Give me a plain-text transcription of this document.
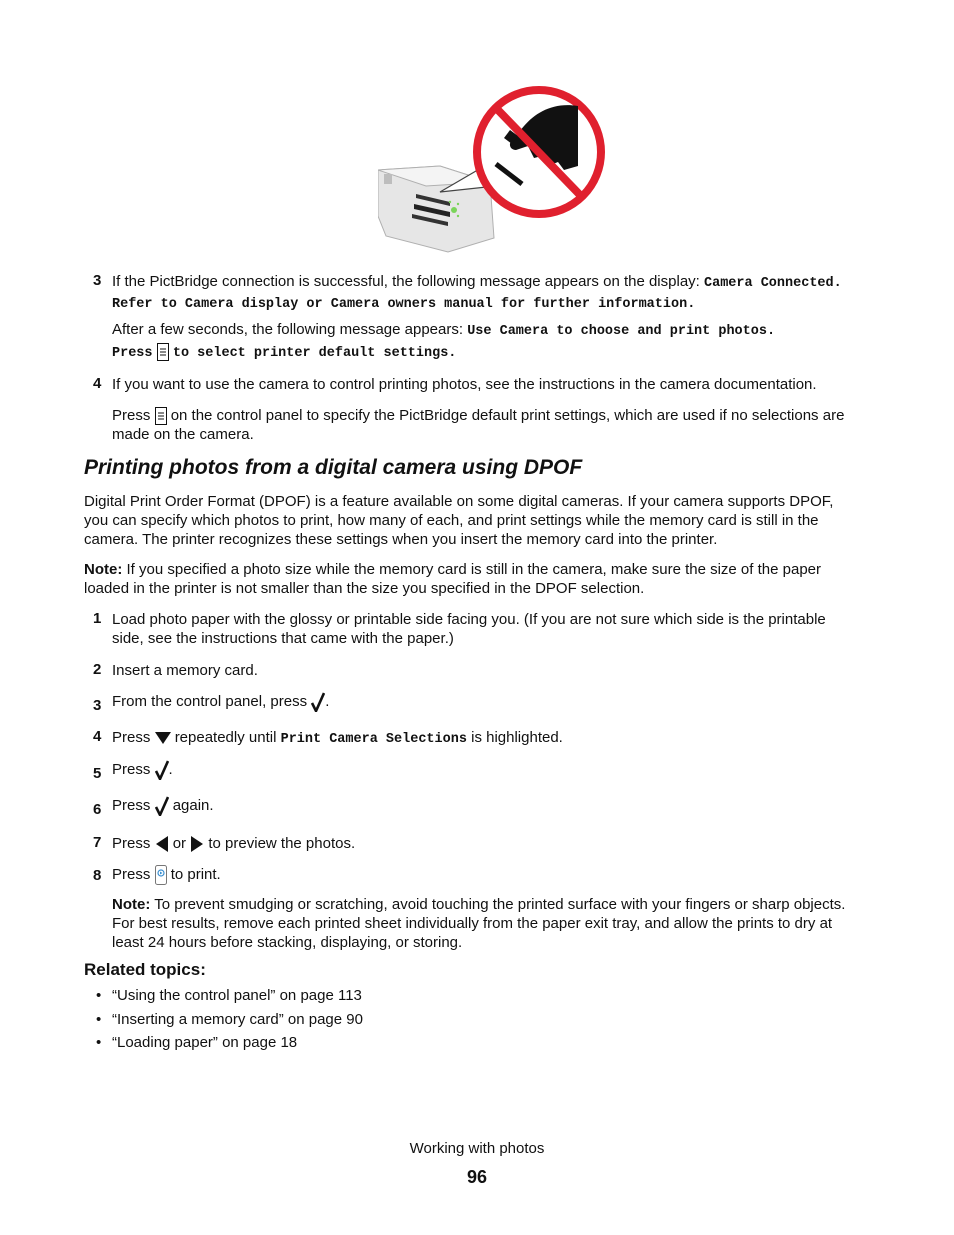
3 If the PictBridge connection is successful, the following message appears on the display: Camera Connected.
Refer to Camera display or Camera owners manual for further information.
After a few seconds, the following message appears: Use Camera to choose and print photos.
Press to select printer default settings.
4 If you want to use the camera to control printing photos, see the instructions in the camera documentation.
Press on the control panel to specify the PictBridge default print settings, which are used if no selections are
made on the camera.
Printing photos from a digital camera using DPOF
Digital Print Order Format (DPOF) is a feature available on some digital cameras. If your camera supports DPOF,
you can specify which photos to print, how many of each, and print settings while the memory card is still in the
camera. The printer recognizes these settings when you insert the memory card into the printer.
Note: If you specified a photo size while the memory card is still in the camera, make sure the size of the paper
loaded in the printer is not smaller than the size you specified in the DPOF selection.
1 Load photo paper with the glossy or printable side facing you. (If you are not sure which side is the printable
side, see the instructions that came with the paper.)
2 Insert a memory card.
3 From the control panel, press .
4 Press repeatedly until Print Camera Selections is highlighted.
5 Press .
6 Press again.
7 Press or to preview the photos.
8 Press to print.
Note: To prevent smudging or scratching, avoid touching the printed surface with your fingers or sharp objects.
For best results, remove each printed sheet individually from the paper exit tray, and allow the prints to dry at
least 24 hours before stacking, displaying, or storing.
Related topics:
• “Using the control panel” on page 113
• “Inserting a memory card” on page 90
• “Loading paper” on page 18
Working with photos
96
